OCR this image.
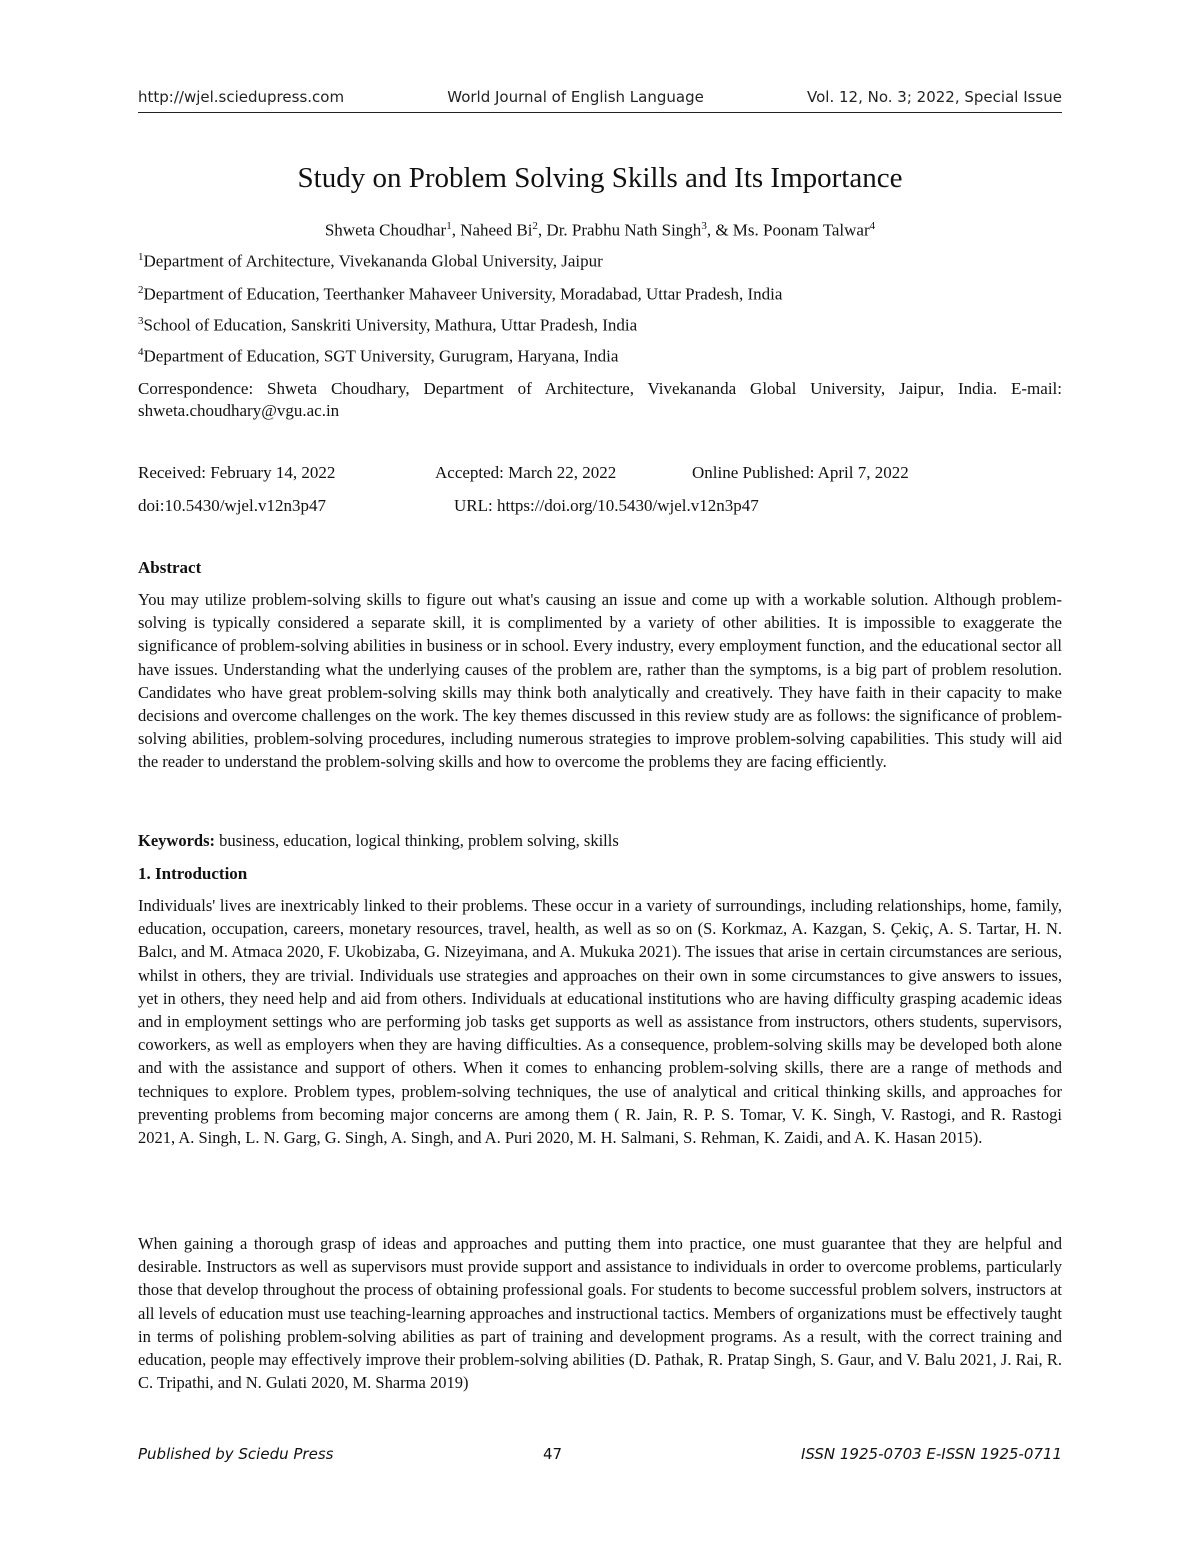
http://wjel.sciedupress.com	World Journal of English Language	Vol. 12, No. 3; 2022, Special Issue
Study on Problem Solving Skills and Its Importance
Shweta Choudhar$^1$, Naheed Bi$^2$, Dr. Prabhu Nath Singh$^3$, & Ms. Poonam Talwar$^4$
$^1$Department of Architecture, Vivekananda Global University, Jaipur
$^2$Department of Education, Teerthanker Mahaveer University, Moradabad, Uttar Pradesh, India
$^3$School of Education, Sanskriti University, Mathura, Uttar Pradesh, India
$^4$Department of Education, SGT University, Gurugram, Haryana, India
Correspondence: Shweta Choudhary, Department of Architecture, Vivekananda Global University, Jaipur, India. E-mail: shweta.choudhary@vgu.ac.in
Received: February 14, 2022	Accepted: March 22, 2022	Online Published: April 7, 2022
doi:10.5430/wjel.v12n3p47	URL: https://doi.org/10.5430/wjel.v12n3p47
Abstract

You may utilize problem-solving skills to figure out what's causing an issue and come up with a workable solution. Although problem-solving is typically considered a separate skill, it is complimented by a variety of other abilities. It is impossible to exaggerate the significance of problem-solving abilities in business or in school. Every industry, every employment function, and the educational sector all have issues. Understanding what the underlying causes of the problem are, rather than the symptoms, is a big part of problem resolution. Candidates who have great problem-solving skills may think both analytically and creatively. They have faith in their capacity to make decisions and overcome challenges on the work. The key themes discussed in this review study are as follows: the significance of problem-solving abilities, problem-solving procedures, including numerous strategies to improve problem-solving capabilities. This study will aid the reader to understand the problem-solving skills and how to overcome the problems they are facing efficiently.

Keywords: business, education, logical thinking, problem solving, skills
1. Introduction

Individuals' lives are inextricably linked to their problems. These occur in a variety of surroundings, including relationships, home, family, education, occupation, careers, monetary resources, travel, health, as well as so on (S. Korkmaz, A. Kazgan, S. Çekiç, A. S. Tartar, H. N. Balcı, and M. Atmaca 2020, F. Ukobizaba, G. Nizeyimana, and A. Mukuka 2021). The issues that arise in certain circumstances are serious, whilst in others, they are trivial. Individuals use strategies and approaches on their own in some circumstances to give answers to issues, yet in others, they need help and aid from others. Individuals at educational institutions who are having difficulty grasping academic ideas and in employment settings who are performing job tasks get supports as well as assistance from instructors, others students, supervisors, coworkers, as well as employers when they are having difficulties. As a consequence, problem-solving skills may be developed both alone and with the assistance and support of others. When it comes to enhancing problem-solving skills, there are a range of methods and techniques to explore. Problem types, problem-solving techniques, the use of analytical and critical thinking skills, and approaches for preventing problems from becoming major concerns are among them ( R. Jain, R. P. S. Tomar, V. K. Singh, V. Rastogi, and R. Rastogi 2021, A. Singh, L. N. Garg, G. Singh, A. Singh, and A. Puri 2020, M. H. Salmani, S. Rehman, K. Zaidi, and A. K. Hasan 2015).

When gaining a thorough grasp of ideas and approaches and putting them into practice, one must guarantee that they are helpful and desirable. Instructors as well as supervisors must provide support and assistance to individuals in order to overcome problems, particularly those that develop throughout the process of obtaining professional goals. For students to become successful problem solvers, instructors at all levels of education must use teaching-learning approaches and instructional tactics. Members of organizations must be effectively taught in terms of polishing problem-solving abilities as part of training and development programs. As a result, with the correct training and education, people may effectively improve their problem-solving abilities (D. Pathak, R. Pratap Singh, S. Gaur, and V. Balu 2021, J. Rai, R. C. Tripathi, and N. Gulati 2020, M. Sharma 2019)

Published by Sciedu Press	47	ISSN 1925-0703 E-ISSN 1925-0711
